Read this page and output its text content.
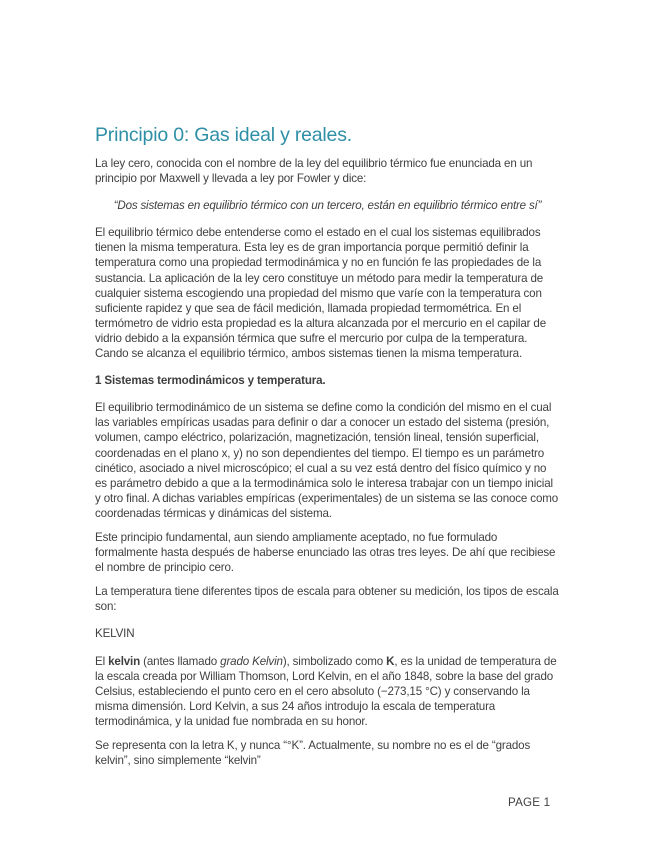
Principio 0: Gas ideal y reales.

La ley cero, conocida con el nombre de la ley del equilibrio térmico fue enunciada en un principio por Maxwell y llevada a ley por Fowler y dice:

“Dos sistemas en equilibrio térmico con un tercero, están en equilibrio térmico entre sí”

El equilibrio térmico debe entenderse como el estado en el cual los sistemas equilibrados tienen la misma temperatura. Esta ley es de gran importancia porque permitió definir la temperatura como una propiedad termodinámica y no en función fe las propiedades de la sustancia. La aplicación de la ley cero constituye un método para medir la temperatura de cualquier sistema escogiendo una propiedad del mismo que varíe con la temperatura con suficiente rapidez y que sea de fácil medición, llamada propiedad termométrica. En el termómetro de vidrio esta propiedad es la altura alcanzada por el mercurio en el capilar de vidrio debido a la expansión térmica que sufre el mercurio por culpa de la temperatura. Cando se alcanza el equilibrio térmico, ambos sistemas tienen la misma temperatura.

1 Sistemas termodinámicos y temperatura.

El equilibrio termodinámico de un sistema se define como la condición del mismo en el cual las variables empíricas usadas para definir o dar a conocer un estado del sistema (presión, volumen, campo eléctrico, polarización, magnetización, tensión lineal, tensión superficial, coordenadas en el plano x, y) no son dependientes del tiempo. El tiempo es un parámetro cinético, asociado a nivel microscópico; el cual a su vez está dentro del físico químico y no es parámetro debido a que a la termodinámica solo le interesa trabajar con un tiempo inicial y otro final. A dichas variables empíricas (experimentales) de un sistema se las conoce como coordenadas térmicas y dinámicas del sistema.

Este principio fundamental, aun siendo ampliamente aceptado, no fue formulado formalmente hasta después de haberse enunciado las otras tres leyes. De ahí que recibiese el nombre de principio cero.

La temperatura tiene diferentes tipos de escala para obtener su medición, los tipos de escala son:

KELVIN

El kelvin (antes llamado grado Kelvin), simbolizado como K, es la unidad de temperatura de la escala creada por William Thomson, Lord Kelvin, en el año 1848, sobre la base del grado Celsius, estableciendo el punto cero en el cero absoluto (−273,15 °C) y conservando la misma dimensión. Lord Kelvin, a sus 24 años introdujo la escala de temperatura termodinámica, y la unidad fue nombrada en su honor.

Se representa con la letra K, y nunca “°K”. Actualmente, su nombre no es el de “grados kelvin”, sino simplemente “kelvin”

PAGE 1
